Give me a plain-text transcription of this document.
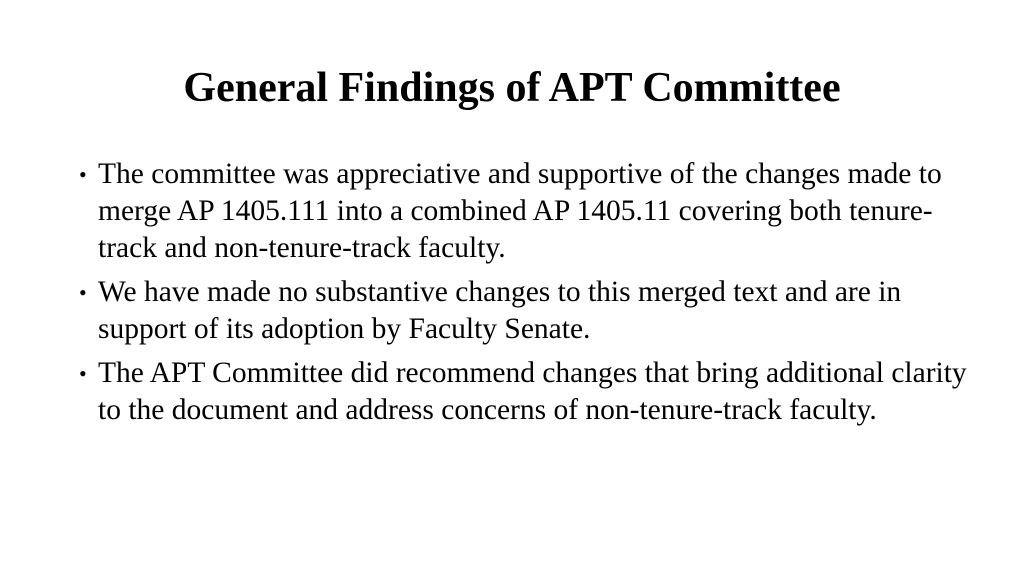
General Findings of APT Committee
• The committee was appreciative and supportive of the changes made to merge AP 1405.111 into a combined AP 1405.11 covering both tenure-track and non-tenure-track faculty.
• We have made no substantive changes to this merged text and are in support of its adoption by Faculty Senate.
• The APT Committee did recommend changes that bring additional clarity to the document and address concerns of non-tenure-track faculty.
